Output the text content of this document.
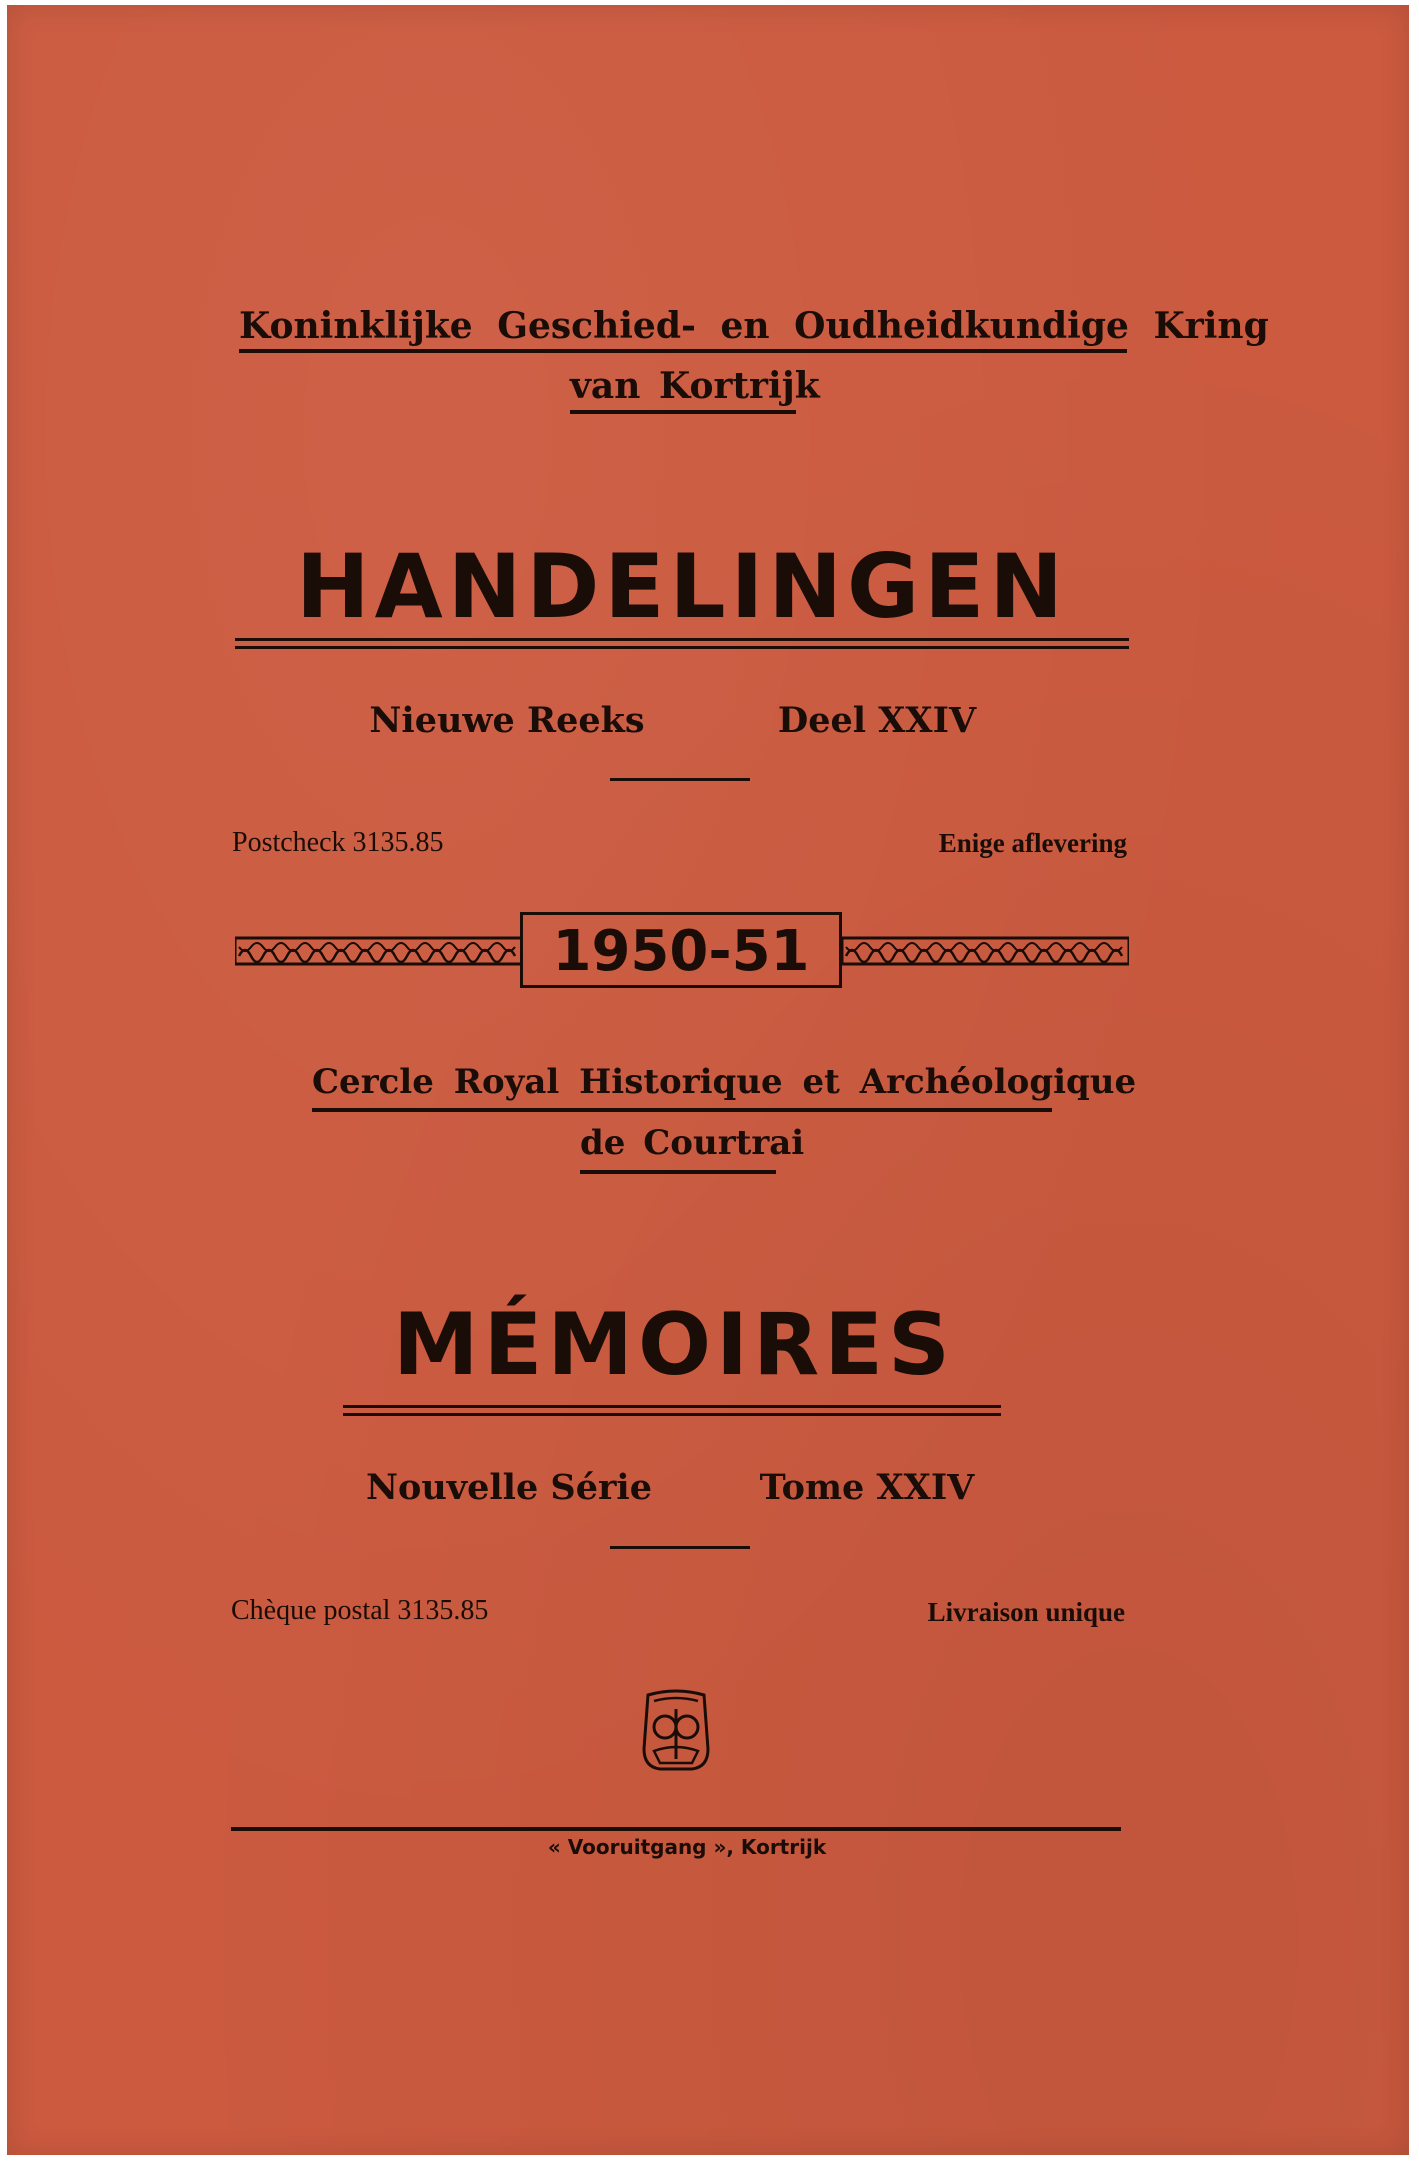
Koninklijke Geschied- en Oudheidkundige Kring
van Kortrijk
HANDELINGEN
Nieuwe Reeks	Deel XXIV
Postcheck 3135.85	Enige aflevering
1950-51
Cercle Royal Historique et Archéologique
de Courtrai
MÉMOIRES
Nouvelle Série	Tome XXIV
Chèque postal 3135.85	Livraison unique
« Vooruitgang », Kortrijk
